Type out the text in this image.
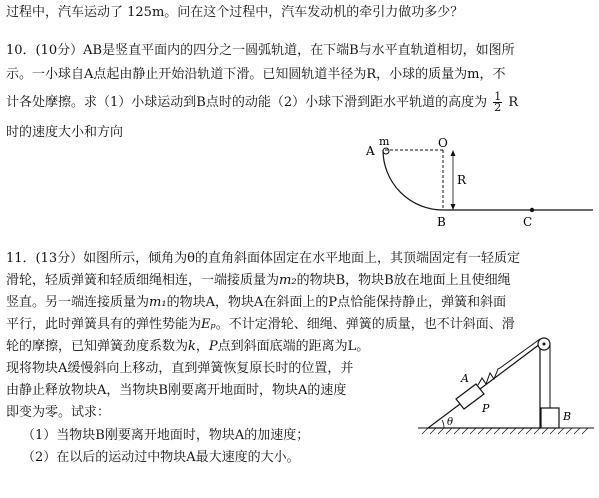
过程中，汽车运动了 125m。问在这个过程中，汽车发动机的牵引力做功多少？
10．(10分）AB是竖直平面内的四分之一圆弧轨道，在下端B与水平直轨道相切，如图所
示。一小球自A点起由静止开始沿轨道下滑。已知圆轨道半径为R，小球的质量为m，不
计各处摩擦。求（1）小球运动到B点时的动能（2）小球下滑到距水平轨道的高度为 $\frac{1}{2}$ R
时的速度大小和方向
A
m	O
R
B	C
11．(13分）如图所示，倾角为θ的直角斜面体固定在水平地面上，其顶端固定有一轻质定
滑轮，轻质弹簧和轻质细绳相连，一端接质量为m₂的物块B，物块B放在地面上且使细绳
竖直。另一端连接质量为m₁的物块A，物块A在斜面上的P点恰能保持静止，弹簧和斜面
平行，此时弹簧具有的弹性势能为Eₚ。不计定滑轮、细绳、弹簧的质量，也不计斜面、滑
轮的摩擦，已知弹簧劲度系数为k，P点到斜面底端的距离为L。
现将物块A缓慢斜向上移动，直到弹簧恢复原长时的位置，并
由静止释放物块A，当物块B刚要离开地面时，物块A的速度
即变为零。试求：
（1）当物块B刚要离开地面时，物块A的加速度；
（2）在以后的运动过中物块A最大速度的大小。
A
P
B
θ
